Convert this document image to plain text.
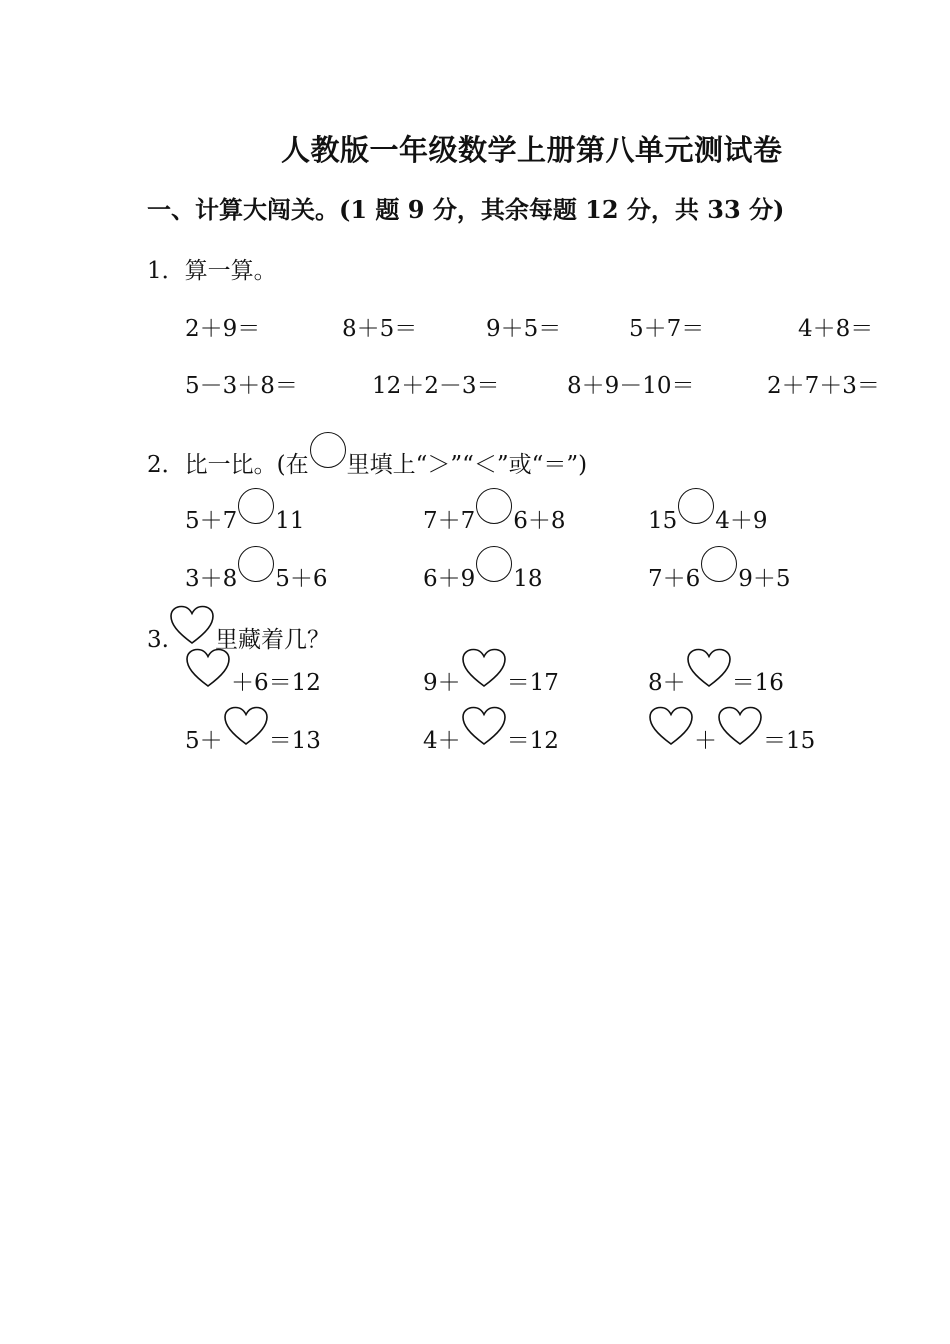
人教版一年级数学上册第八单元测试卷
一、计算大闯关。(1 题 9 分，其余每题 12 分，共 33 分)
1．算一算。
2＋9＝	8＋5＝	9＋5＝	5＋7＝	4＋8＝
5－3＋8＝	12＋2－3＝	8＋9－10＝	2＋7＋3＝
2．比一比。(在 里填上“＞”“＜”或“＝”)
5＋7 11	7＋7 6＋8	15 4＋9
3＋8 5＋6	6＋9 18	7＋6 9＋5
3. 里藏着几？
＋6＝12	9＋ ＝17	8＋ ＝16
5＋ ＝13	4＋ ＝12	＋ ＝15
